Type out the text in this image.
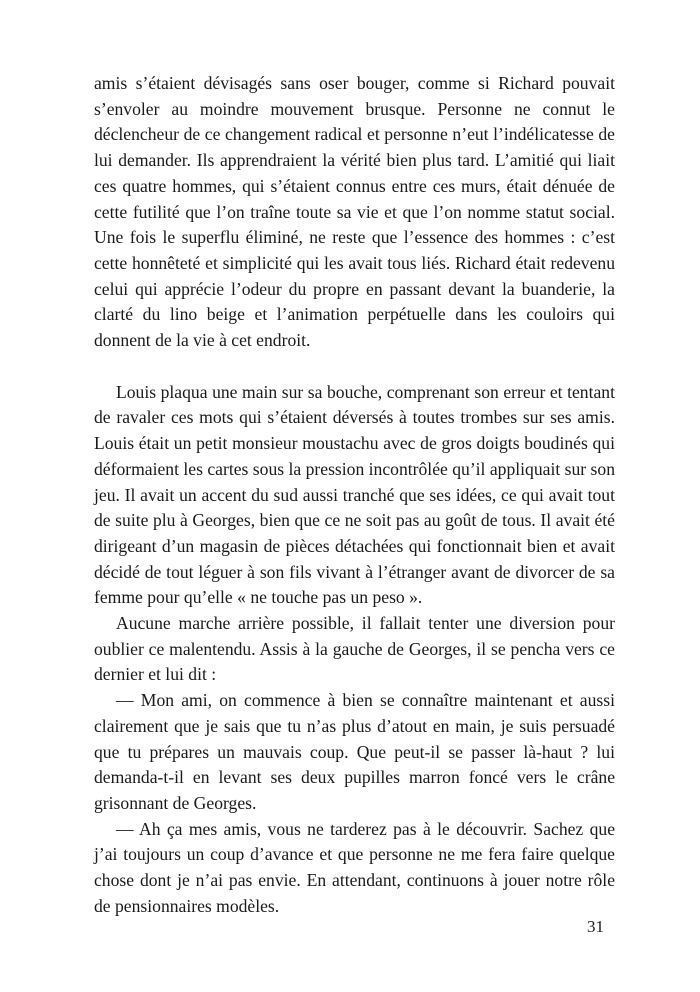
amis s’étaient dévisagés sans oser bouger, comme si Richard pouvait s’envoler au moindre mouvement brusque. Personne ne connut le déclencheur de ce changement radical et personne n’eut l’indélicatesse de lui demander. Ils apprendraient la vérité bien plus tard. L’amitié qui liait ces quatre hommes, qui s’étaient connus entre ces murs, était dénuée de cette futilité que l’on traîne toute sa vie et que l’on nomme statut social. Une fois le superflu éliminé, ne reste que l’essence des hommes : c’est cette honnêteté et simplicité qui les avait tous liés. Richard était redevenu celui qui apprécie l’odeur du propre en passant devant la buanderie, la clarté du lino beige et l’animation perpétuelle dans les couloirs qui donnent de la vie à cet endroit.

Louis plaqua une main sur sa bouche, comprenant son erreur et tentant de ravaler ces mots qui s’étaient déversés à toutes trombes sur ses amis. Louis était un petit monsieur moustachu avec de gros doigts boudinés qui déformaient les cartes sous la pression incontrôlée qu’il appliquait sur son jeu. Il avait un accent du sud aussi tranché que ses idées, ce qui avait tout de suite plu à Georges, bien que ce ne soit pas au goût de tous. Il avait été dirigeant d’un magasin de pièces détachées qui fonctionnait bien et avait décidé de tout léguer à son fils vivant à l’étranger avant de divorcer de sa femme pour qu’elle « ne touche pas un peso ».

Aucune marche arrière possible, il fallait tenter une diversion pour oublier ce malentendu. Assis à la gauche de Georges, il se pencha vers ce dernier et lui dit :

— Mon ami, on commence à bien se connaître maintenant et aussi clairement que je sais que tu n’as plus d’atout en main, je suis persuadé que tu prépares un mauvais coup. Que peut-il se passer là-haut ? lui demanda-t-il en levant ses deux pupilles marron foncé vers le crâne grisonnant de Georges.

— Ah ça mes amis, vous ne tarderez pas à le découvrir. Sachez que j’ai toujours un coup d’avance et que personne ne me fera faire quelque chose dont je n’ai pas envie. En attendant, continuons à jouer notre rôle de pensionnaires modèles.

31
